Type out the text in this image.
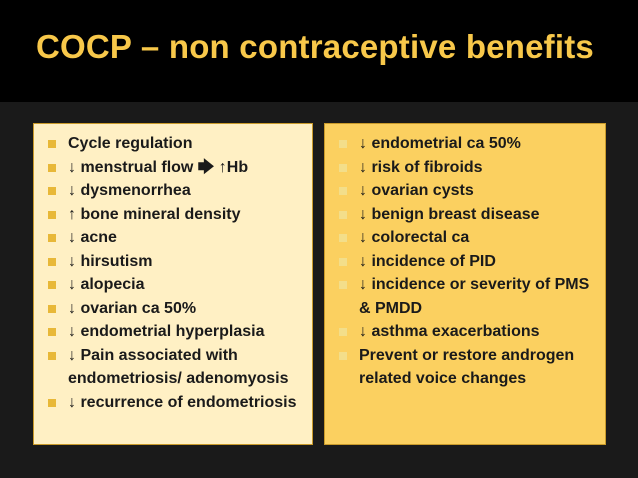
COCP – non contraceptive benefits
Cycle regulation
↓ menstrual flow 🡆 ↑Hb
↓ dysmenorrhea
↑ bone mineral density
↓ acne
↓ hirsutism
↓ alopecia
↓ ovarian ca 50%
↓ endometrial hyperplasia
↓ Pain associated with endometriosis/ adenomyosis
↓ recurrence of endometriosis
↓ endometrial ca 50%
↓ risk of fibroids
↓ ovarian cysts
↓ benign breast disease
↓ colorectal ca
↓ incidence of PID
↓ incidence or severity of PMS & PMDD
↓ asthma exacerbations
Prevent or restore androgen related voice changes
